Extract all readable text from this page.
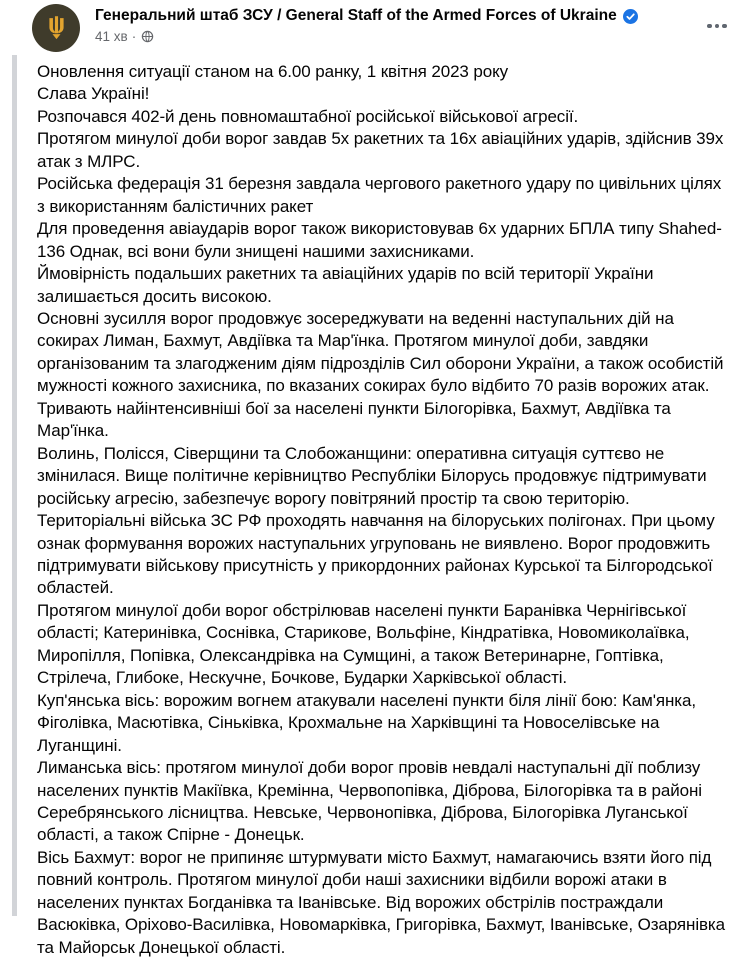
Генеральний штаб ЗСУ / General Staff of the Armed Forces of Ukraine
41 хв ·

Оновлення ситуації станом на 6.00 ранку, 1 квітня 2023 року

Слава Україні!

Розпочався 402-й день повномаштабної російської військової агресії.

Протягом минулої доби ворог завдав 5х ракетних та 16х авіаційних ударів, здійснив 39х атак з МЛРС.

Російська федерація 31 березня завдала чергового ракетного удару по цивільних цілях з використанням балістичних ракет

Для проведення авіаударів ворог також використовував 6х ударних БПЛА типу Shahed-136 Однак, всі вони були знищені нашими захисниками.

Ймовірність подальших ракетних та авіаційних ударів по всій території України залишається досить високою.

Основні зусилля ворог продовжує зосереджувати на веденні наступальних дій на сокирах Лиман, Бахмут, Авдіївка та Мар'їнка. Протягом минулої доби, завдяки організованим та злагодженим діям підрозділів Сил оборони України, а також особистій мужності кожного захисника, по вказаних сокирах було відбито 70 разів ворожих атак. Тривають найінтенсивніші бої за населені пункти Білогорівка, Бахмут, Авдіївка та Мар'їнка.

Волинь, Полісся, Сіверщини та Слобожанщини: оперативна ситуація суттєво не змінилася. Вище політичне керівництво Республіки Білорусь продовжує підтримувати російську агресію, забезпечує ворогу повітряний простір та свою територію. Територіальні війська ЗС РФ проходять навчання на білоруських полігонах. При цьому ознак формування ворожих наступальних угруповань не виявлено. Ворог продовжить підтримувати військову присутність у прикордонних районах Курської та Білгородської областей.

Протягом минулої доби ворог обстрілював населені пункти Баранівка Чернігівської області; Катеринівка, Соснівка, Старикове, Вольфіне, Кіндратівка, Новомиколаївка, Миропілля, Попівка, Олександрівка на Сумщині, а також Ветеринарне, Гоптівка, Стрілеча, Глибоке, Нескучне, Бочкове, Бударки Харківської області.

Куп'янська вісь: ворожим вогнем атакували населені пункти біля лінії бою: Кам'янка, Фіголівка, Масютівка, Сіньківка, Крохмальне на Харківщині та Новоселівське на Луганщині.

Лиманська вісь: протягом минулої доби ворог провів невдалі наступальні дії поблизу населених пунктів Макіївка, Кремінна, Червопопівка, Діброва, Білогорівка та в районі Серебрянського лісництва. Невське, Червонопівка, Діброва, Білогорівка Луганської області, а також Спірне - Донецьк.

Вісь Бахмут: ворог не припиняє штурмувати місто Бахмут, намагаючись взяти його під повний контроль. Протягом минулої доби наші захисники відбили ворожі атаки в населених пунктах Богданівка та Іванівське. Від ворожих обстрілів постраждали Васюківка, Оріхово-Василівка, Новомарківка, Григорівка, Бахмут, Іванівське, Озарянівка та Майорськ Донецької області.
